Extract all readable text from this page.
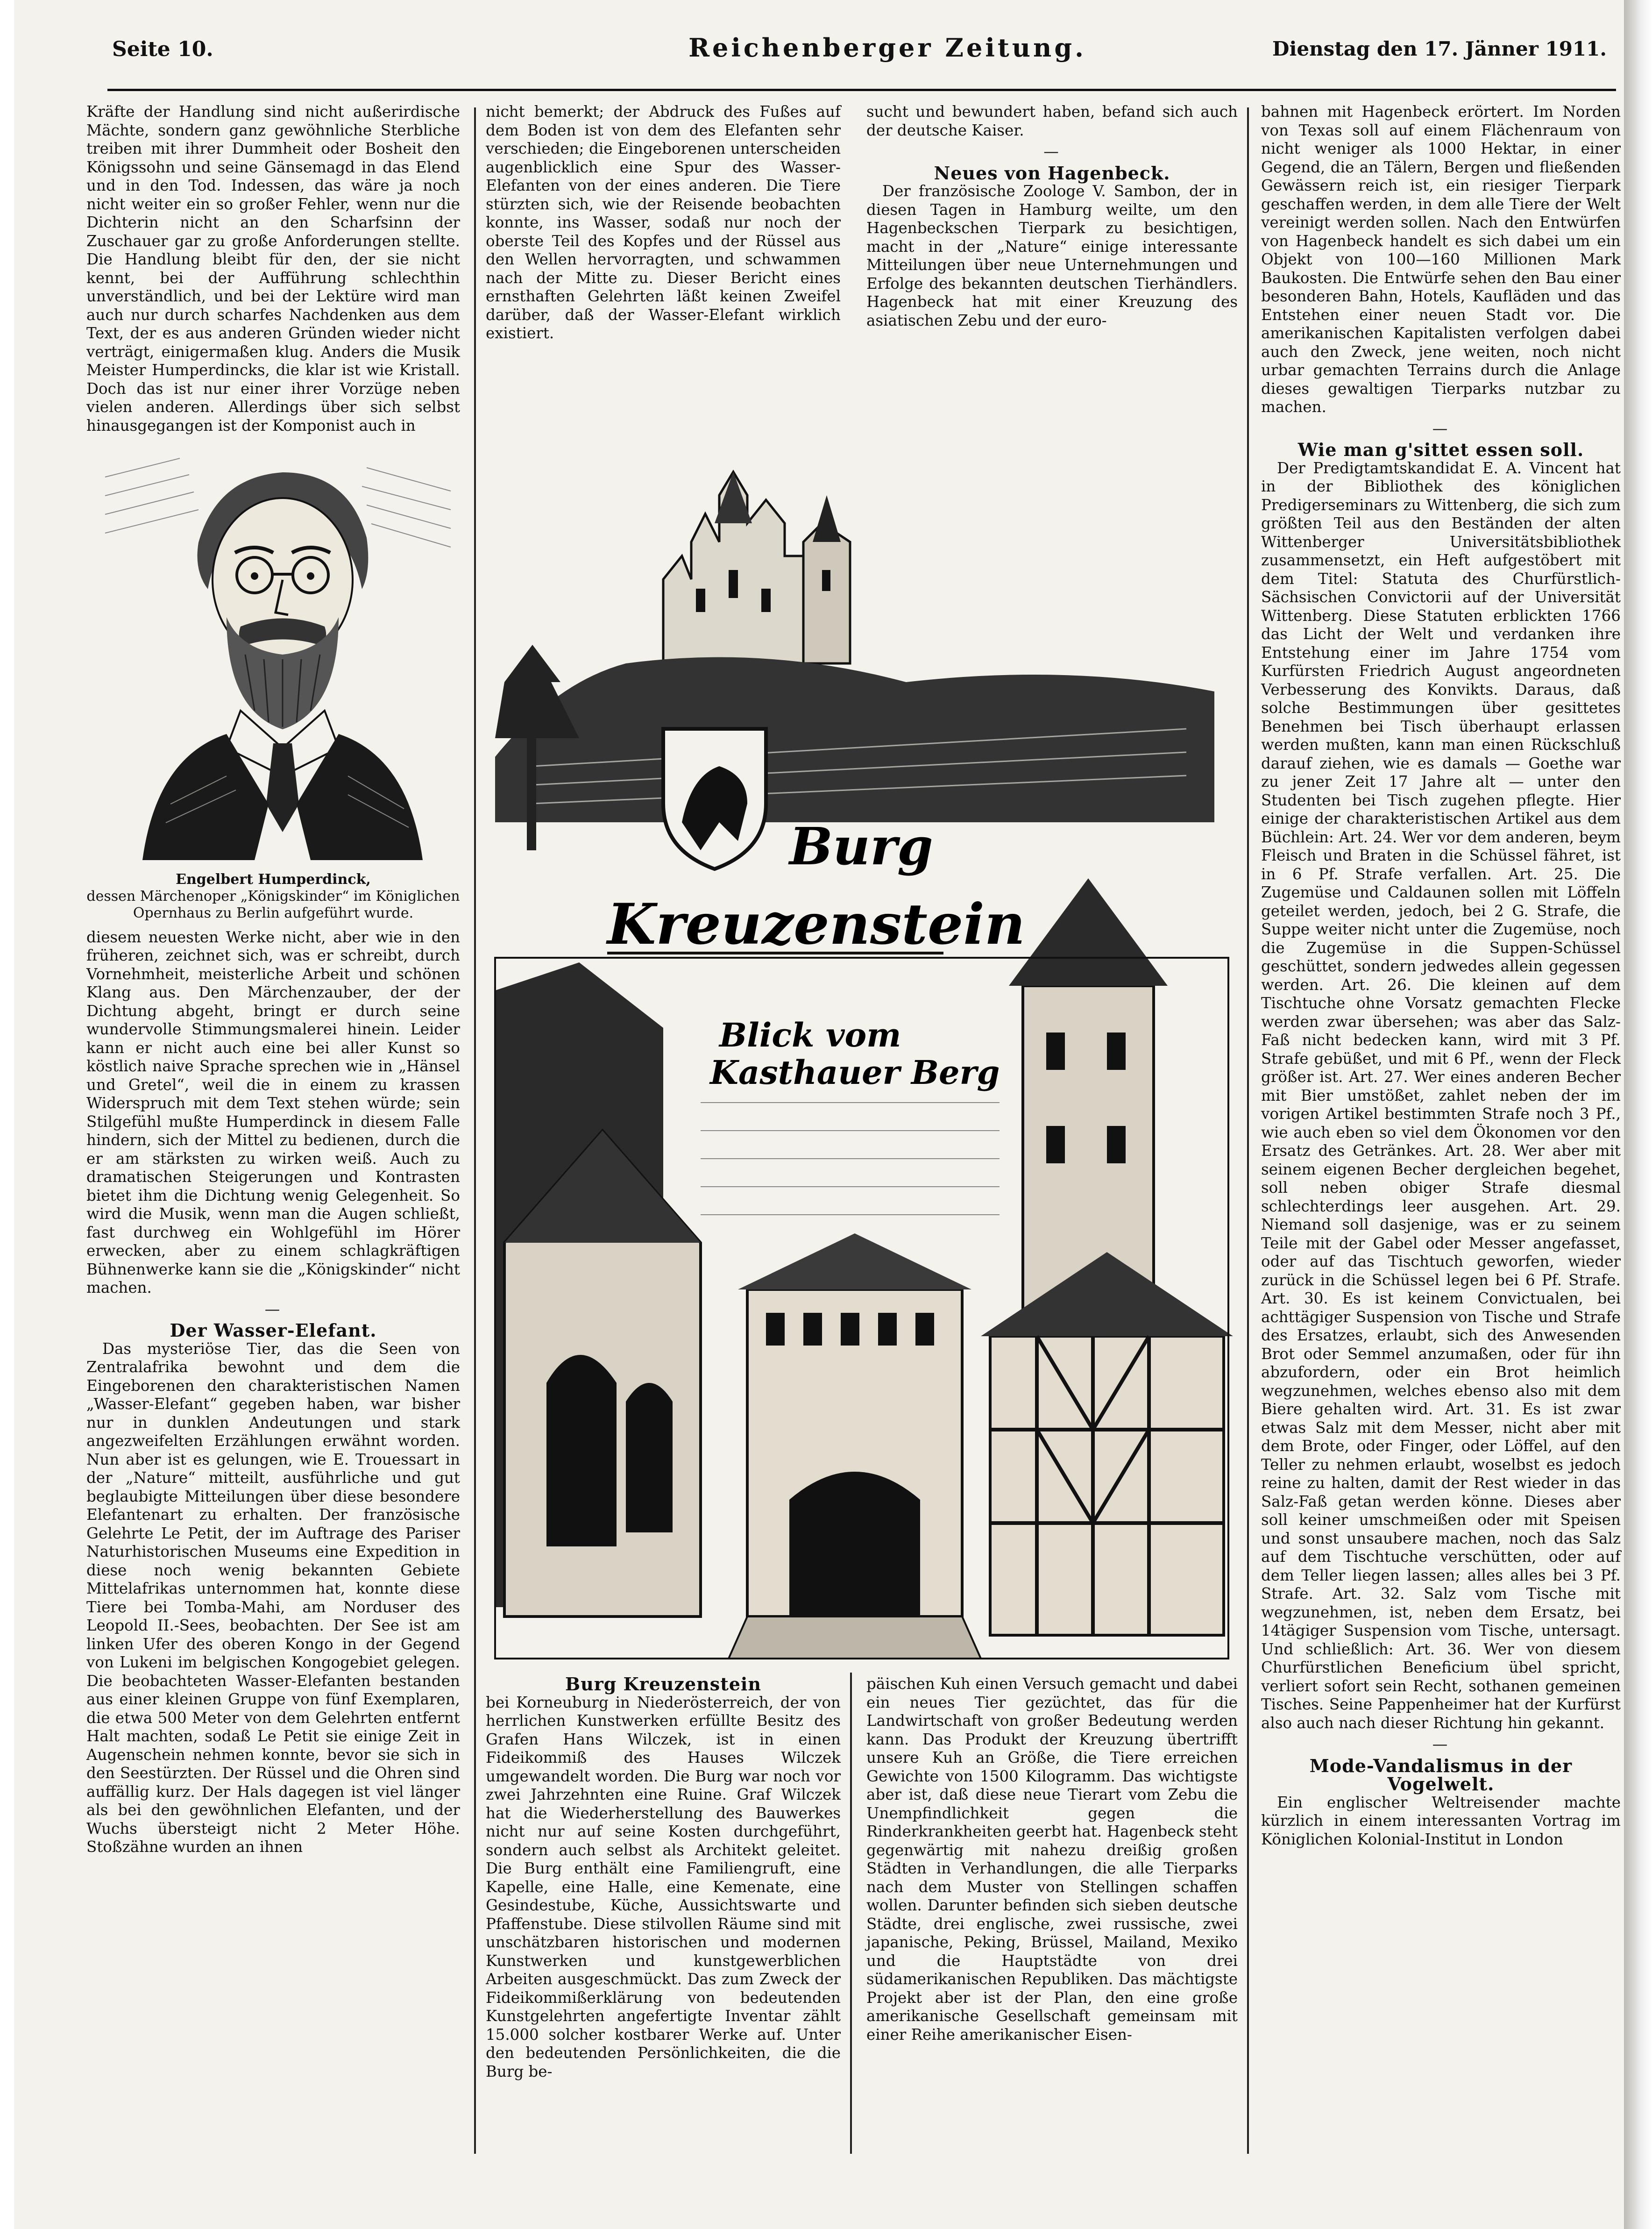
Seite 10.	Reichenberger Zeitung.	Dienstag den 17. Jänner 1911.

Kräfte der Handlung sind nicht außerirdische Mächte, sondern ganz gewöhnliche Sterbliche treiben mit ihrer Dummheit oder Bosheit den Königssohn und seine Gänsemagd in das Elend und in den Tod. Indessen, das wäre ja noch nicht weiter ein so großer Fehler, wenn nur die Dichterin nicht an den Scharfsinn der Zuschauer gar zu große Anforderungen stellte. Die Handlung bleibt für den, der sie nicht kennt, bei der Aufführung schlechthin unverständlich, und bei der Lektüre wird man auch nur durch scharfes Nachdenken aus dem Text, der es aus anderen Gründen wieder nicht verträgt, einigermaßen klug. Anders die Musik Meister Humperdincks, die klar ist wie Kristall. Doch das ist nur einer ihrer Vorzüge neben vielen anderen. Allerdings über sich selbst hinausgegangen ist der Komponist auch in

Engelbert Humperdinck,
dessen Märchenoper „Königskinder“ im Königlichen Opernhaus zu Berlin aufgeführt wurde.

diesem neuesten Werke nicht, aber wie in den früheren, zeichnet sich, was er schreibt, durch Vornehmheit, meisterliche Arbeit und schönen Klang aus. Den Märchenzauber, der der Dichtung abgeht, bringt er durch seine wundervolle Stimmungsmalerei hinein. Leider kann er nicht auch eine bei aller Kunst so köstlich naive Sprache sprechen wie in „Hänsel und Gretel“, weil die in einem zu krassen Widerspruch mit dem Text stehen würde; sein Stilgefühl mußte Humperdinck in diesem Falle hindern, sich der Mittel zu bedienen, durch die er am stärksten zu wirken weiß. Auch zu dramatischen Steigerungen und Kontrasten bietet ihm die Dichtung wenig Gelegenheit. So wird die Musik, wenn man die Augen schließt, fast durchweg ein Wohlgefühl im Hörer erwecken, aber zu einem schlagkräftigen Bühnenwerke kann sie die „Königskinder“ nicht machen.

—
Der Wasser-Elefant.

Das mysteriöse Tier, das die Seen von Zentralafrika bewohnt und dem die Eingeborenen den charakteristischen Namen „Wasser-Elefant“ gegeben haben, war bisher nur in dunklen Andeutungen und stark angezweifelten Erzählungen erwähnt worden. Nun aber ist es gelungen, wie E. Trouessart in der „Nature“ mitteilt, ausführliche und gut beglaubigte Mitteilungen über diese besondere Elefantenart zu erhalten. Der französische Gelehrte Le Petit, der im Auftrage des Pariser Naturhistorischen Museums eine Expedition in diese noch wenig bekannten Gebiete Mittelafrikas unternommen hat, konnte diese Tiere bei Tomba-Mahi, am Norduser des Leopold II.-Sees, beobachten. Der See ist am linken Ufer des oberen Kongo in der Gegend von Lukeni im belgischen Kongogebiet gelegen. Die beobachteten Wasser-Elefanten bestanden aus einer kleinen Gruppe von fünf Exemplaren, die etwa 500 Meter von dem Gelehrten entfernt Halt machten, sodaß Le Petit sie einige Zeit in Augenschein nehmen konnte, bevor sie sich in den Seestürzten. Der Rüssel und die Ohren sind auffällig kurz. Der Hals dagegen ist viel länger als bei den gewöhnlichen Elefanten, und der Wuchs übersteigt nicht 2 Meter Höhe. Stoßzähne wurden an ihnen

nicht bemerkt; der Abdruck des Fußes auf dem Boden ist von dem des Elefanten sehr verschieden; die Eingeborenen unterscheiden augenblicklich eine Spur des Wasser-Elefanten von der eines anderen. Die Tiere stürzten sich, wie der Reisende beobachten konnte, ins Wasser, sodaß nur noch der oberste Teil des Kopfes und der Rüssel aus den Wellen hervorragten, und schwammen nach der Mitte zu. Dieser Bericht eines ernsthaften Gelehrten läßt keinen Zweifel darüber, daß der Wasser-Elefant wirklich existiert.

sucht und bewundert haben, befand sich auch der deutsche Kaiser.

—
Neues von Hagenbeck.

Der französische Zoologe V. Sambon, der in diesen Tagen in Hamburg weilte, um den Hagenbeckschen Tierpark zu besichtigen, macht in der „Nature“ einige interessante Mitteilungen über neue Unternehmungen und Erfolge des bekannten deutschen Tierhändlers. Hagenbeck hat mit einer Kreuzung des asiatischen Zebu und der euro-

Burg
Kreuzenstein
Blick vom
Kasthauer Berg
Burg Kreuzenstein

bei Korneuburg in Niederösterreich, der von herrlichen Kunstwerken erfüllte Besitz des Grafen Hans Wilczek, ist in einen Fideikommiß des Hauses Wilczek umgewandelt worden. Die Burg war noch vor zwei Jahrzehnten eine Ruine. Graf Wilczek hat die Wiederherstellung des Bauwerkes nicht nur auf seine Kosten durchgeführt, sondern auch selbst als Architekt geleitet. Die Burg enthält eine Familiengruft, eine Kapelle, eine Halle, eine Kemenate, eine Gesindestube, Küche, Aussichtswarte und Pfaffenstube. Diese stilvollen Räume sind mit unschätzbaren historischen und modernen Kunstwerken und kunstgewerblichen Arbeiten ausgeschmückt. Das zum Zweck der Fideikommißerklärung von bedeutenden Kunstgelehrten angefertigte Inventar zählt 15.000 solcher kostbarer Werke auf. Unter den bedeutenden Persönlichkeiten, die die Burg be-

päischen Kuh einen Versuch gemacht und dabei ein neues Tier gezüchtet, das für die Landwirtschaft von großer Bedeutung werden kann. Das Produkt der Kreuzung übertrifft unsere Kuh an Größe, die Tiere erreichen Gewichte von 1500 Kilogramm. Das wichtigste aber ist, daß diese neue Tierart vom Zebu die Unempfindlichkeit gegen die Rinderkrankheiten geerbt hat. Hagenbeck steht gegenwärtig mit nahezu dreißig großen Städten in Verhandlungen, die alle Tierparks nach dem Muster von Stellingen schaffen wollen. Darunter befinden sich sieben deutsche Städte, drei englische, zwei russische, zwei japanische, Peking, Brüssel, Mailand, Mexiko und die Hauptstädte von drei südamerikanischen Republiken. Das mächtigste Projekt aber ist der Plan, den eine große amerikanische Gesellschaft gemeinsam mit einer Reihe amerikanischer Eisen-

bahnen mit Hagenbeck erörtert. Im Norden von Texas soll auf einem Flächenraum von nicht weniger als 1000 Hektar, in einer Gegend, die an Tälern, Bergen und fließenden Gewässern reich ist, ein riesiger Tierpark geschaffen werden, in dem alle Tiere der Welt vereinigt werden sollen. Nach den Entwürfen von Hagenbeck handelt es sich dabei um ein Objekt von 100—160 Millionen Mark Baukosten. Die Entwürfe sehen den Bau einer besonderen Bahn, Hotels, Kaufläden und das Entstehen einer neuen Stadt vor. Die amerikanischen Kapitalisten verfolgen dabei auch den Zweck, jene weiten, noch nicht urbar gemachten Terrains durch die Anlage dieses gewaltigen Tierparks nutzbar zu machen.

—
Wie man g'sittet essen soll.

Der Predigtamtskandidat E. A. Vincent hat in der Bibliothek des königlichen Predigerseminars zu Wittenberg, die sich zum größten Teil aus den Beständen der alten Wittenberger Universitätsbibliothek zusammensetzt, ein Heft aufgestöbert mit dem Titel: Statuta des Churfürstlich-Sächsischen Convictorii auf der Universität Wittenberg. Diese Statuten erblickten 1766 das Licht der Welt und verdanken ihre Entstehung einer im Jahre 1754 vom Kurfürsten Friedrich August angeordneten Verbesserung des Konvikts. Daraus, daß solche Bestimmungen über gesittetes Benehmen bei Tisch überhaupt erlassen werden mußten, kann man einen Rückschluß darauf ziehen, wie es damals — Goethe war zu jener Zeit 17 Jahre alt — unter den Studenten bei Tisch zugehen pflegte. Hier einige der charakteristischen Artikel aus dem Büchlein: Art. 24. Wer vor dem anderen, beym Fleisch und Braten in die Schüssel fähret, ist in 6 Pf. Strafe verfallen. Art. 25. Die Zugemüse und Caldaunen sollen mit Löffeln geteilet werden, jedoch, bei 2 G. Strafe, die Suppe weiter nicht unter die Zugemüse, noch die Zugemüse in die Suppen-Schüssel geschüttet, sondern jedwedes allein gegessen werden. Art. 26. Die kleinen auf dem Tischtuche ohne Vorsatz gemachten Flecke werden zwar übersehen; was aber das Salz-Faß nicht bedecken kann, wird mit 3 Pf. Strafe gebüßet, und mit 6 Pf., wenn der Fleck größer ist. Art. 27. Wer eines anderen Becher mit Bier umstößet, zahlet neben der im vorigen Artikel bestimmten Strafe noch 3 Pf., wie auch eben so viel dem Ökonomen vor den Ersatz des Getränkes. Art. 28. Wer aber mit seinem eigenen Becher dergleichen begehet, soll neben obiger Strafe diesmal schlechterdings leer ausgehen. Art. 29. Niemand soll dasjenige, was er zu seinem Teile mit der Gabel oder Messer angefasset, oder auf das Tischtuch geworfen, wieder zurück in die Schüssel legen bei 6 Pf. Strafe. Art. 30. Es ist keinem Convictualen, bei achttägiger Suspension von Tische und Strafe des Ersatzes, erlaubt, sich des Anwesenden Brot oder Semmel anzumaßen, oder für ihn abzufordern, oder ein Brot heimlich wegzunehmen, welches ebenso also mit dem Biere gehalten wird. Art. 31. Es ist zwar etwas Salz mit dem Messer, nicht aber mit dem Brote, oder Finger, oder Löffel, auf den Teller zu nehmen erlaubt, woselbst es jedoch reine zu halten, damit der Rest wieder in das Salz-Faß getan werden könne. Dieses aber soll keiner umschmeißen oder mit Speisen und sonst unsaubere machen, noch das Salz auf dem Tischtuche verschütten, oder auf dem Teller liegen lassen; alles alles bei 3 Pf. Strafe. Art. 32. Salz vom Tische mit wegzunehmen, ist, neben dem Ersatz, bei 14tägiger Suspension vom Tische, untersagt. Und schließlich: Art. 36. Wer von diesem Churfürstlichen Beneficium übel spricht, verliert sofort sein Recht, sothanen gemeinen Tisches. Seine Pappenheimer hat der Kurfürst also auch nach dieser Richtung hin gekannt.

—
Mode-Vandalismus in der Vogelwelt.

Ein englischer Weltreisender machte kürzlich in einem interessanten Vortrag im Königlichen Kolonial-Institut in London
